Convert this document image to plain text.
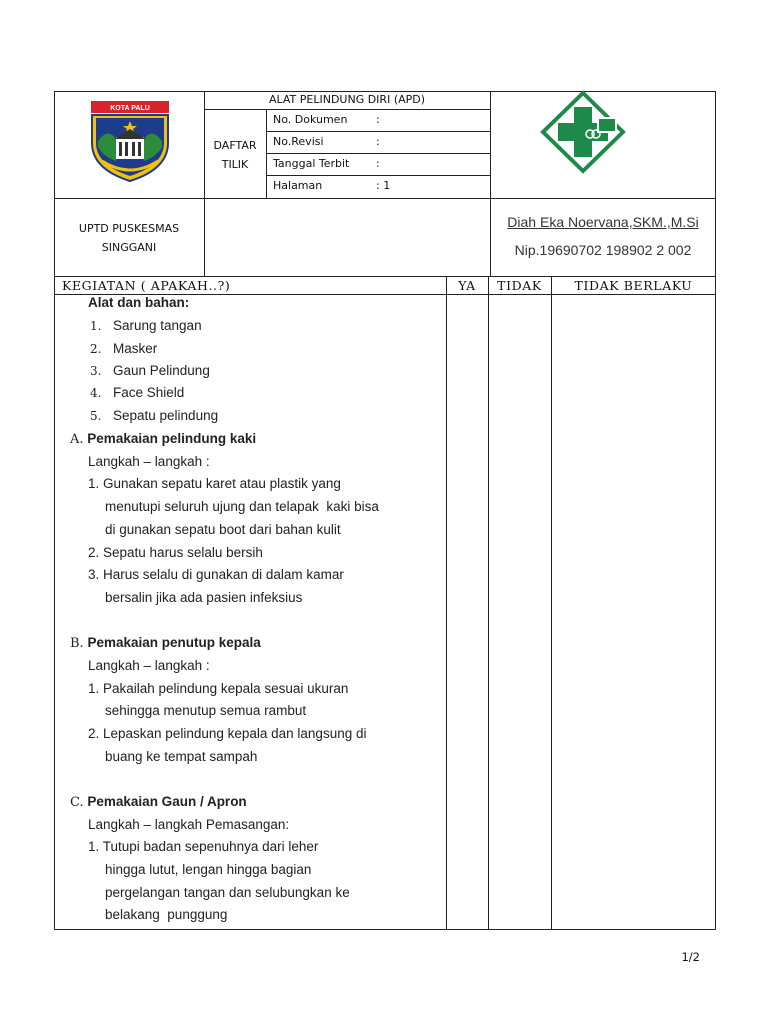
KOTA PALU
ALAT PELINDUNG DIRI (APD)
DAFTAR
TILIK
No. Dokumen	:
No.Revisi	:
Tanggal Terbit :
Halaman	: 1
UPTD PUSKESMAS
SINGGANI
Diah Eka Noervana,SKM.,M.Si
Nip.19690702 198902 2 002
KEGIATAN ( APAKAH..?)	YA	TIDAK	TIDAK BERLAKU
Alat dan bahan:
1. Sarung tangan
2. Masker
3. Gaun Pelindung
4. Face Shield
5. Sepatu pelindung
A. Pemakaian pelindung kaki
Langkah – langkah :
1. Gunakan sepatu karet atau plastik yang
menutupi seluruh ujung dan telapak  kaki bisa
di gunakan sepatu boot dari bahan kulit
2. Sepatu harus selalu bersih
3. Harus selalu di gunakan di dalam kamar
bersalin jika ada pasien infeksius
B. Pemakaian penutup kepala
Langkah – langkah :
1. Pakailah pelindung kepala sesuai ukuran
sehingga menutup semua rambut
2. Lepaskan pelindung kepala dan langsung di
buang ke tempat sampah
C. Pemakaian Gaun / Apron
Langkah – langkah Pemasangan:
1. Tutupi badan sepenuhnya dari leher
hingga lutut, lengan hingga bagian
pergelangan tangan dan selubungkan ke
belakang  punggung
1/2
